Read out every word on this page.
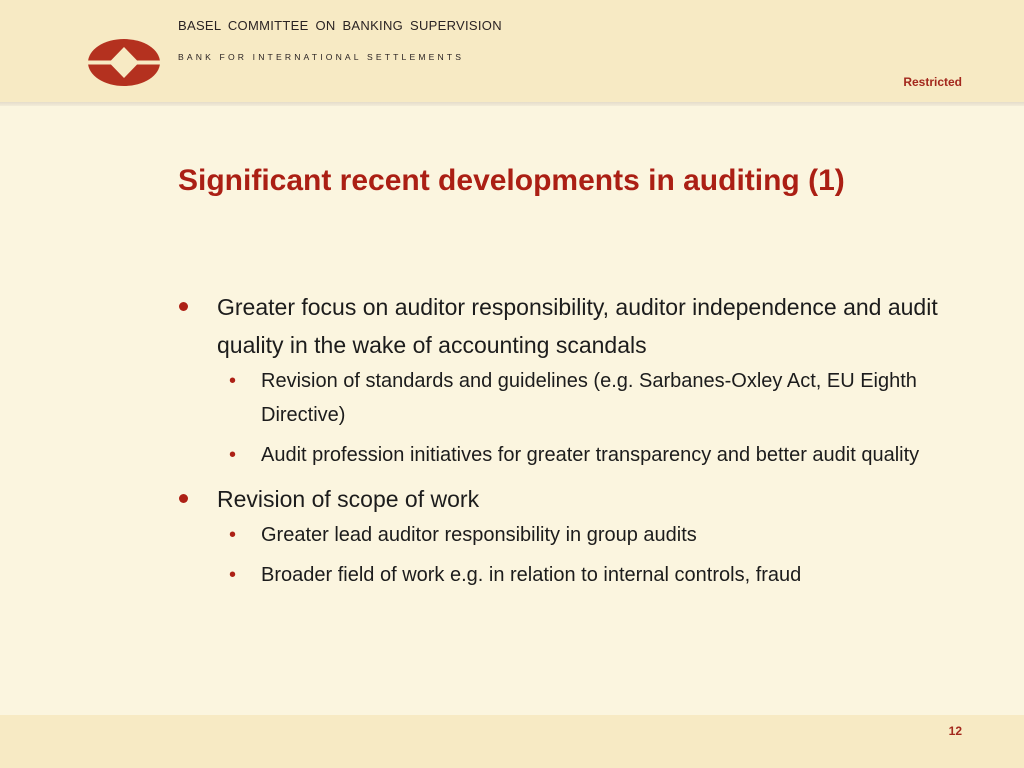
BASEL COMMITTEE ON BANKING SUPERVISION
BANK FOR INTERNATIONAL SETTLEMENTS
Restricted
Significant recent developments in auditing (1)
Greater focus on auditor responsibility, auditor independence and audit quality in the wake of accounting scandals
• Revision of standards and guidelines (e.g. Sarbanes-Oxley Act, EU Eighth Directive)
• Audit profession initiatives for greater transparency and better audit quality
Revision of scope of work
• Greater lead auditor responsibility in group audits
• Broader field of work e.g. in relation to internal controls, fraud
12
